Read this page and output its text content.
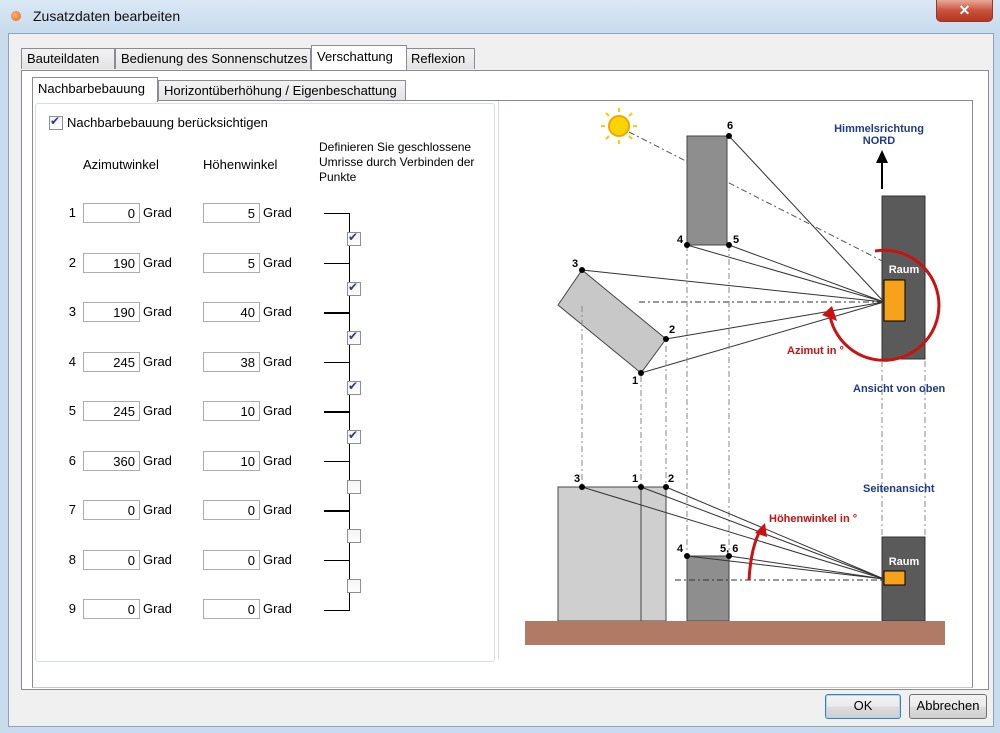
Zusatzdaten bearbeiten	✕
Bauteildaten	Bedienung des Sonnenschutzes Verschattung	Reflexion
Nachbarbebauung	Horizontüberhöhung / Eigenbeschattung
✔
Nachbarbebauung berücksichtigen
Azimutwinkel	Höhenwinkel
Definieren Sie geschlossene Umrisse durch Verbinden der Punkte
1	0 Grad	5 Grad
✔
2	190 Grad	5 Grad
✔
3	190 Grad	40 Grad
✔
4	245 Grad	38 Grad
✔
5	245 Grad	10 Grad
✔
6	360 Grad	10 Grad
7	0 Grad	0 Grad
8	0 Grad	0 Grad
9	0 Grad	0 Grad
6
4	5
3
2
1
3	1	2
4	5, 6
Himmelsrichtung
NORD
Raum
Azimut in °
Ansicht von oben
Seitenansicht
Höhenwinkel in °
Raum
OK	Abbrechen
